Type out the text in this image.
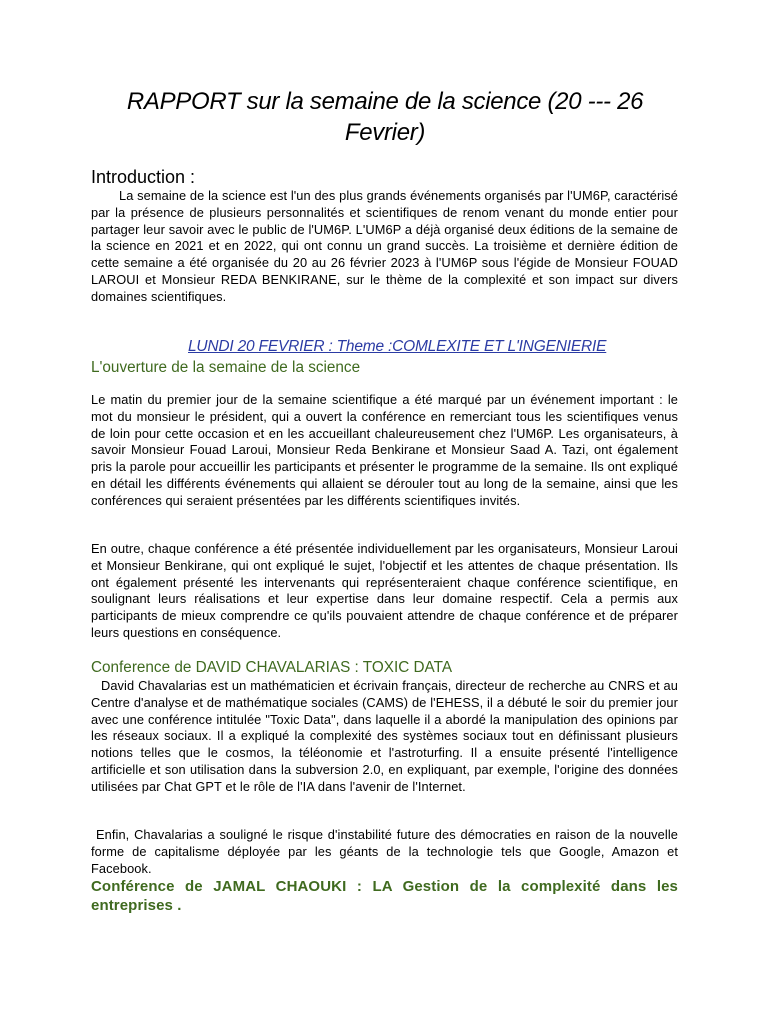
RAPPORT sur la semaine de la science (20 --- 26 Fevrier)
Introduction :
La semaine de la science est l'un des plus grands événements organisés par l'UM6P, caractérisé par la présence de plusieurs personnalités et scientifiques de renom venant du monde entier pour partager leur savoir avec le public de l'UM6P. L'UM6P a déjà organisé deux éditions de la semaine de la science en 2021 et en 2022, qui ont connu un grand succès. La troisième et dernière édition de cette semaine a été organisée du 20 au 26 février 2023 à l'UM6P sous l'égide de Monsieur FOUAD LAROUI et Monsieur REDA BENKIRANE, sur le thème de la complexité et son impact sur divers domaines scientifiques.
LUNDI 20 FEVRIER : Theme :COMLEXITE ET L'INGENIERIE
L'ouverture de la semaine de la science
Le matin du premier jour de la semaine scientifique a été marqué par un événement important : le mot du monsieur le président, qui a ouvert la conférence en remerciant tous les scientifiques venus de loin pour cette occasion et en les accueillant chaleureusement chez l'UM6P. Les organisateurs, à savoir Monsieur Fouad Laroui, Monsieur Reda Benkirane et Monsieur Saad A. Tazi, ont également pris la parole pour accueillir les participants et présenter le programme de la semaine. Ils ont expliqué en détail les différents événements qui allaient se dérouler tout au long de la semaine, ainsi que les conférences qui seraient présentées par les différents scientifiques invités.
En outre, chaque conférence a été présentée individuellement par les organisateurs, Monsieur Laroui et Monsieur Benkirane, qui ont expliqué le sujet, l'objectif et les attentes de chaque présentation. Ils ont également présenté les intervenants qui représenteraient chaque conférence scientifique, en soulignant leurs réalisations et leur expertise dans leur domaine respectif. Cela a permis aux participants de mieux comprendre ce qu'ils pouvaient attendre de chaque conférence et de préparer leurs questions en conséquence.
Conference de DAVID CHAVALARIAS : TOXIC DATA
David Chavalarias est un mathématicien et écrivain français, directeur de recherche au CNRS et au Centre d'analyse et de mathématique sociales (CAMS) de l'EHESS, il a débuté le soir du premier jour avec une conférence intitulée "Toxic Data", dans laquelle il a abordé la manipulation des opinions par les réseaux sociaux. Il a expliqué la complexité des systèmes sociaux tout en définissant plusieurs notions telles que le cosmos, la téléonomie et l'astroturfing. Il a ensuite présenté l'intelligence artificielle et son utilisation dans la subversion 2.0, en expliquant, par exemple, l'origine des données utilisées par Chat GPT et le rôle de l'IA dans l'avenir de l'Internet.
Enfin, Chavalarias a souligné le risque d'instabilité future des démocraties en raison de la nouvelle forme de capitalisme déployée par les géants de la technologie tels que Google, Amazon et Facebook.
Conférence de JAMAL CHAOUKI : LA Gestion de la complexité dans les entreprises .
